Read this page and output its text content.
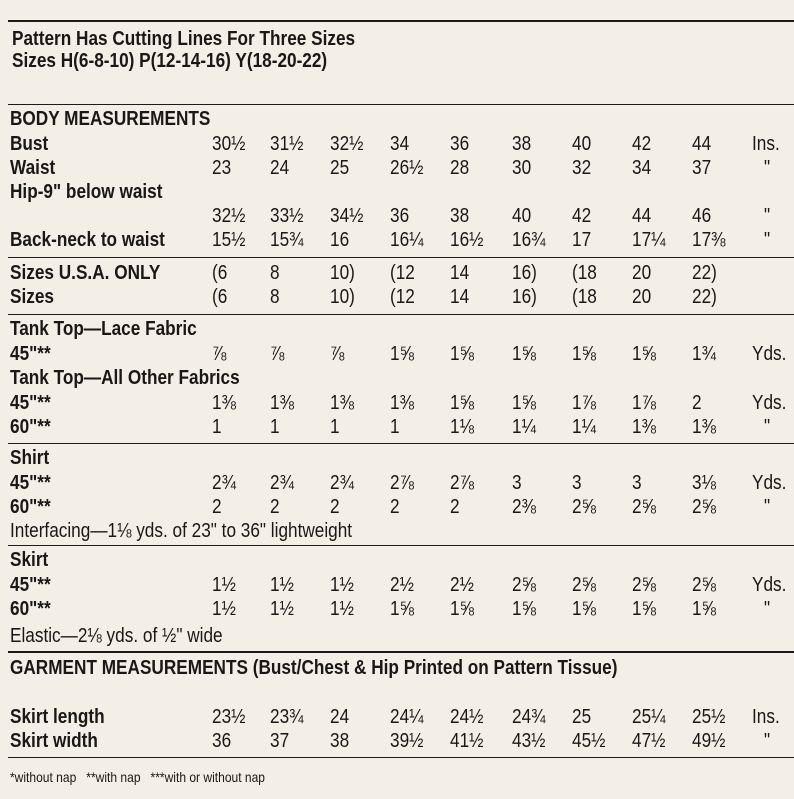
Pattern Has Cutting Lines For Three Sizes
Sizes H(6-8-10) P(12-14-16) Y(18-20-22)
BODY MEASUREMENTS
Bust	30½ 31½ 32½ 34 36 38 40 42 44 Ins.
Waist	23 24 25 26½ 28 30 32 34 37	"
Hip-9" below waist
32½ 33½ 34½ 36 38 40 42 44 46	"
Back-neck to waist 15½ 15¾ 16 16¼ 16½ 16¾ 17 17¼ 17⅜ "
Sizes U.S.A. ONLY	(6 8	10) (12 14 16) (18 20 22)
Sizes	(6 8	10) (12 14 16) (18 20 22)
Tank Top—Lace Fabric
45"**	⅞ ⅞ ⅞ 1⅝ 1⅝ 1⅝ 1⅝ 1⅝ 1¾ Yds.
Tank Top—All Other Fabrics
45"**	1⅜ 1⅜ 1⅜ 1⅜ 1⅝ 1⅝ 1⅞ 1⅞ 2	Yds.
60"**	1 1	1	1	1⅛ 1¼ 1¼ 1⅜ 1⅜ "
Shirt
45"**	2¾ 2¾ 2¾ 2⅞ 2⅞ 3	3	3	3⅛ Yds.
60"**	2 2	2	2	2	2⅜ 2⅝ 2⅝ 2⅝ "
Interfacing—1⅛ yds. of 23" to 36" lightweight
Skirt
45"**	1½ 1½ 1½ 2½ 2½ 2⅝ 2⅝ 2⅝ 2⅝ Yds.
60"**	1½ 1½ 1½ 1⅝ 1⅝ 1⅝ 1⅝ 1⅝ 1⅝ "
Elastic—2⅛ yds. of ½" wide
GARMENT MEASUREMENTS (Bust/Chest & Hip Printed on Pattern Tissue)
Skirt length	23½ 23¾ 24 24¼ 24½ 24¾ 25 25¼ 25½ Ins.
Skirt width	36 37 38 39½ 41½ 43½ 45½ 47½ 49½ "
*without nap   **with nap   ***with or without nap
